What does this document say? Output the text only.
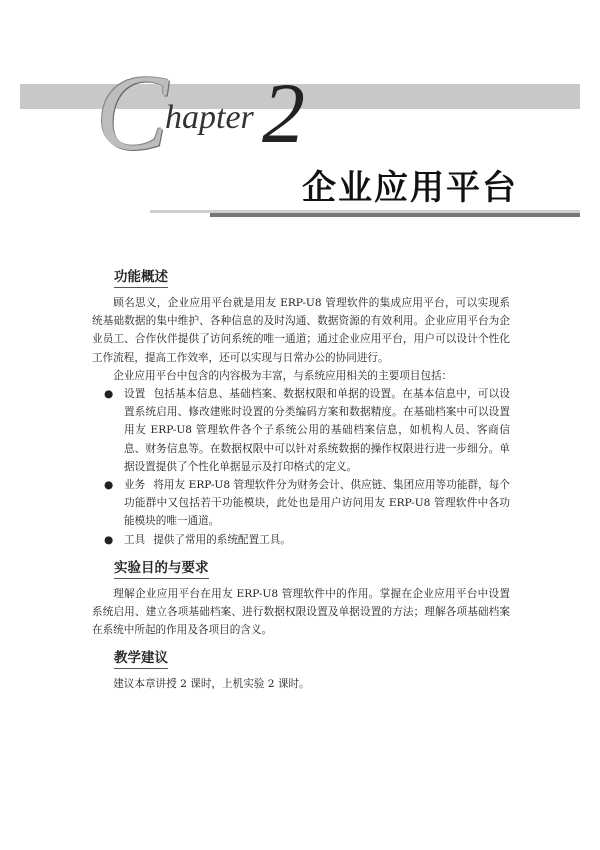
C
hapter 2
企业应用平台
功能概述

顾名思义，企业应用平台就是用友 ERP-U8 管理软件的集成应用平台，可以实现系统基础数据的集中维护、各种信息的及时沟通、数据资源的有效利用。企业应用平台为企业员工、合作伙伴提供了访问系统的唯一通道；通过企业应用平台，用户可以设计个性化工作流程，提高工作效率，还可以实现与日常办公的协同进行。

企业应用平台中包含的内容极为丰富，与系统应用相关的主要项目包括：

● 设置 包括基本信息、基础档案、数据权限和单据的设置。在基本信息中，可以设置系统启用、修改建账时设置的分类编码方案和数据精度。在基础档案中可以设置用友 ERP-U8 管理软件各个子系统公用的基础档案信息，如机构人员、客商信息、财务信息等。在数据权限中可以针对系统数据的操作权限进行进一步细分。单据设置提供了个性化单据显示及打印格式的定义。
● 业务 将用友 ERP-U8 管理软件分为财务会计、供应链、集团应用等功能群，每个功能群中又包括若干功能模块，此处也是用户访问用友 ERP-U8 管理软件中各功能模块的唯一通道。
● 工具 提供了常用的系统配置工具。
实验目的与要求

理解企业应用平台在用友 ERP-U8 管理软件中的作用。掌握在企业应用平台中设置系统启用、建立各项基础档案、进行数据权限设置及单据设置的方法；理解各项基础档案在系统中所起的作用及各项目的含义。

教学建议

建议本章讲授 2 课时，上机实验 2 课时。
